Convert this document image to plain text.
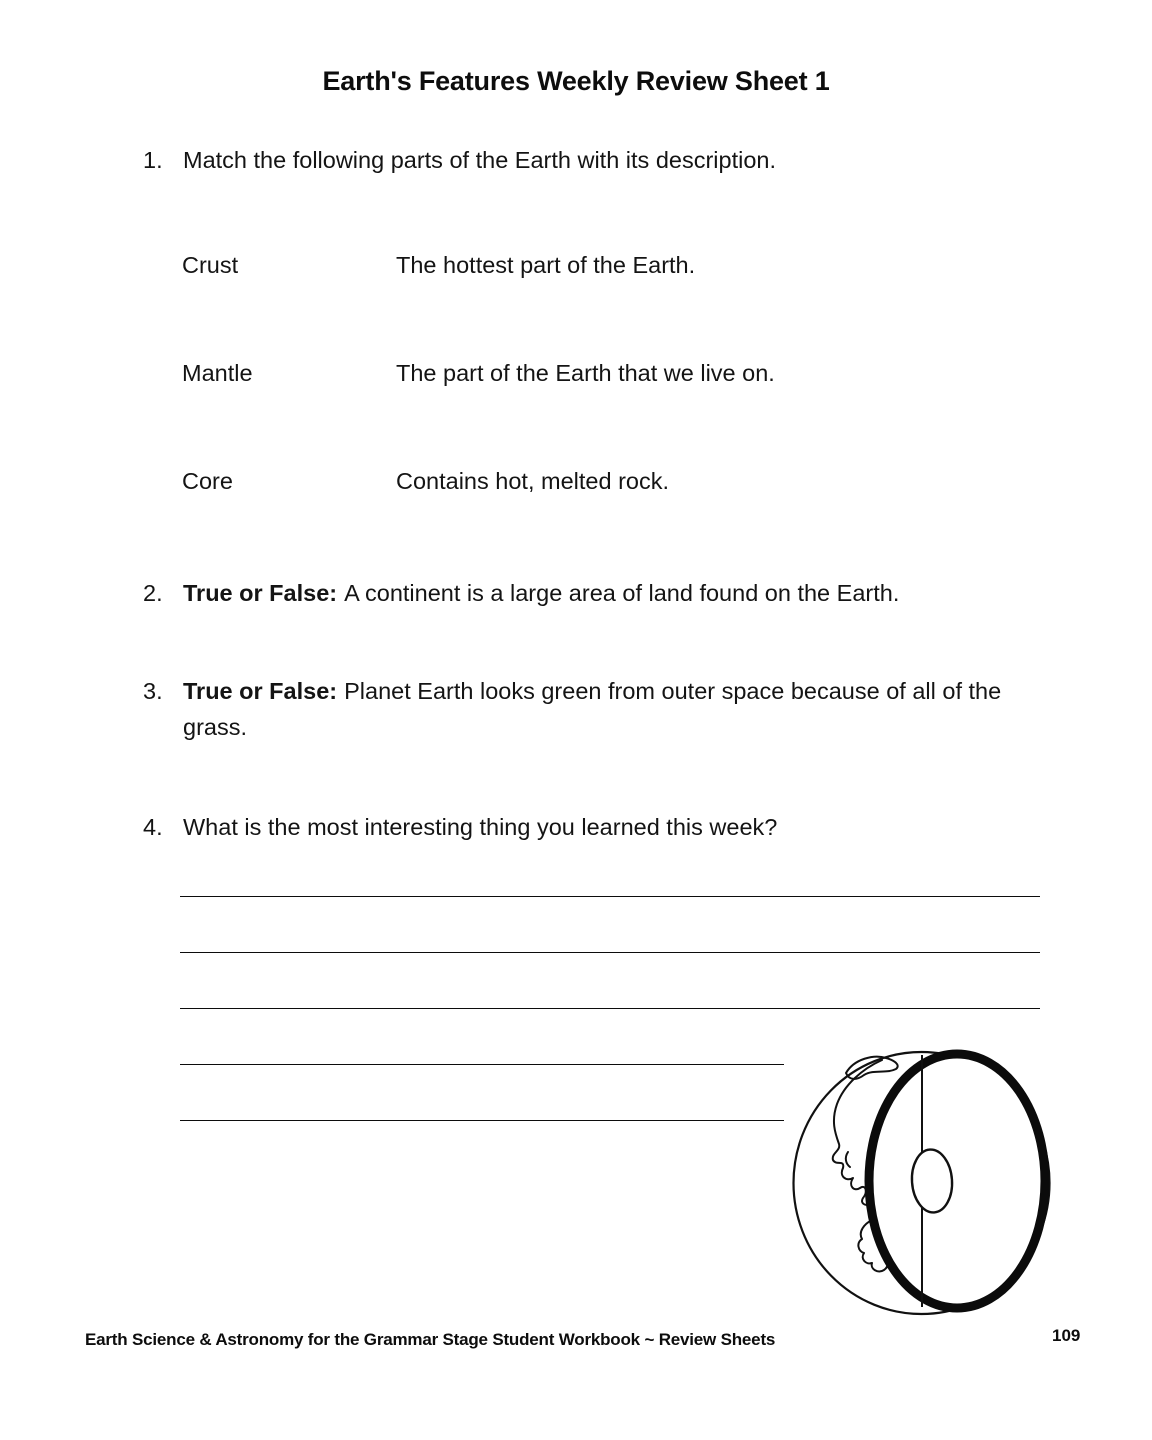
Earth's Features Weekly Review Sheet 1
1. Match the following parts of the Earth with its description.
Crust	The hottest part of the Earth.
Mantle	The part of the Earth that we live on.
Core	Contains hot, melted rock.
2. True or False: A continent is a large area of land found on the Earth.
3. True or False: Planet Earth looks green from outer space because of all of the grass.
4. What is the most interesting thing you learned this week?
Earth Science & Astronomy for the Grammar Stage Student Workbook ~ Review Sheets	109
